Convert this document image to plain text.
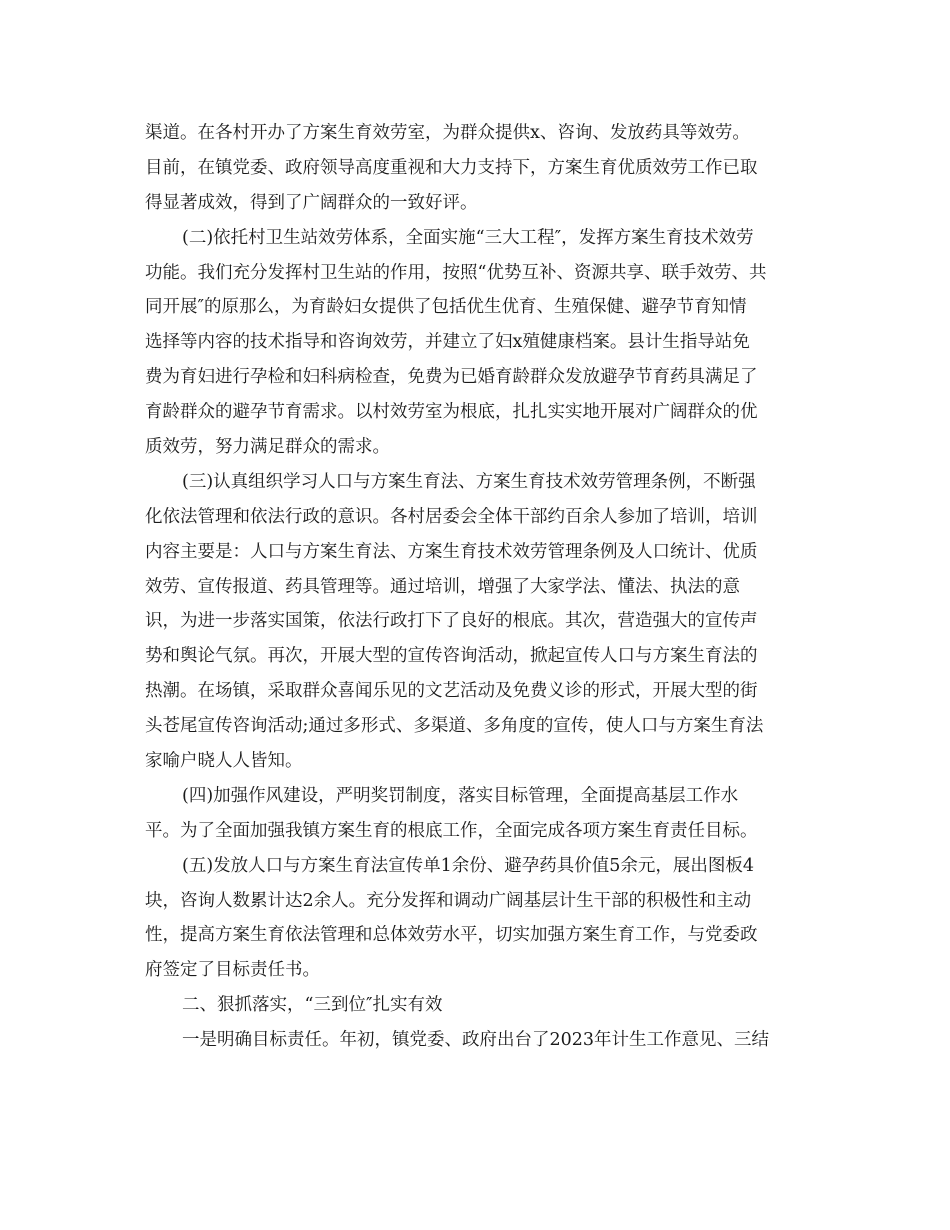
渠道。在各村开办了方案生育效劳室，为群众提供x、咨询、发放药具等效劳。
目前，在镇党委、政府领导高度重视和大力支持下，方案生育优质效劳工作已取
得显著成效，得到了广阔群众的一致好评。
(二)依托村卫生站效劳体系，全面实施“三大工程″，发挥方案生育技术效劳
功能。我们充分发挥村卫生站的作用，按照“优势互补、资源共享、联手效劳、共
同开展″的原那么，为育龄妇女提供了包括优生优育、生殖保健、避孕节育知情
选择等内容的技术指导和咨询效劳，并建立了妇x殖健康档案。县计生指导站免
费为育妇进行孕检和妇科病检查，免费为已婚育龄群众发放避孕节育药具满足了
育龄群众的避孕节育需求。以村效劳室为根底，扎扎实实地开展对广阔群众的优
质效劳，努力满足群众的需求。
(三)认真组织学习人口与方案生育法、方案生育技术效劳管理条例，不断强
化依法管理和依法行政的意识。各村居委会全体干部约百余人参加了培训，培训
内容主要是：人口与方案生育法、方案生育技术效劳管理条例及人口统计、优质
效劳、宣传报道、药具管理等。通过培训，增强了大家学法、懂法、执法的意
识，为进一步落实国策，依法行政打下了良好的根底。其次，营造强大的宣传声
势和舆论气氛。再次，开展大型的宣传咨询活动，掀起宣传人口与方案生育法的
热潮。在场镇，采取群众喜闻乐见的文艺活动及免费义诊的形式，开展大型的街
头苍尾宣传咨询活动;通过多形式、多渠道、多角度的宣传，使人口与方案生育法
家喻户晓人人皆知。
(四)加强作风建设，严明奖罚制度，落实目标管理，全面提高基层工作水
平。为了全面加强我镇方案生育的根底工作，全面完成各项方案生育责任目标。
(五)发放人口与方案生育法宣传单1余份、避孕药具价值5余元，展出图板4
块，咨询人数累计达2余人。充分发挥和调动广阔基层计生干部的积极性和主动
性，提高方案生育依法管理和总体效劳水平，切实加强方案生育工作，与党委政
府签定了目标责任书。
二、狠抓落实，“三到位″扎实有效
一是明确目标责任。年初，镇党委、政府出台了2023年计生工作意见、三结
